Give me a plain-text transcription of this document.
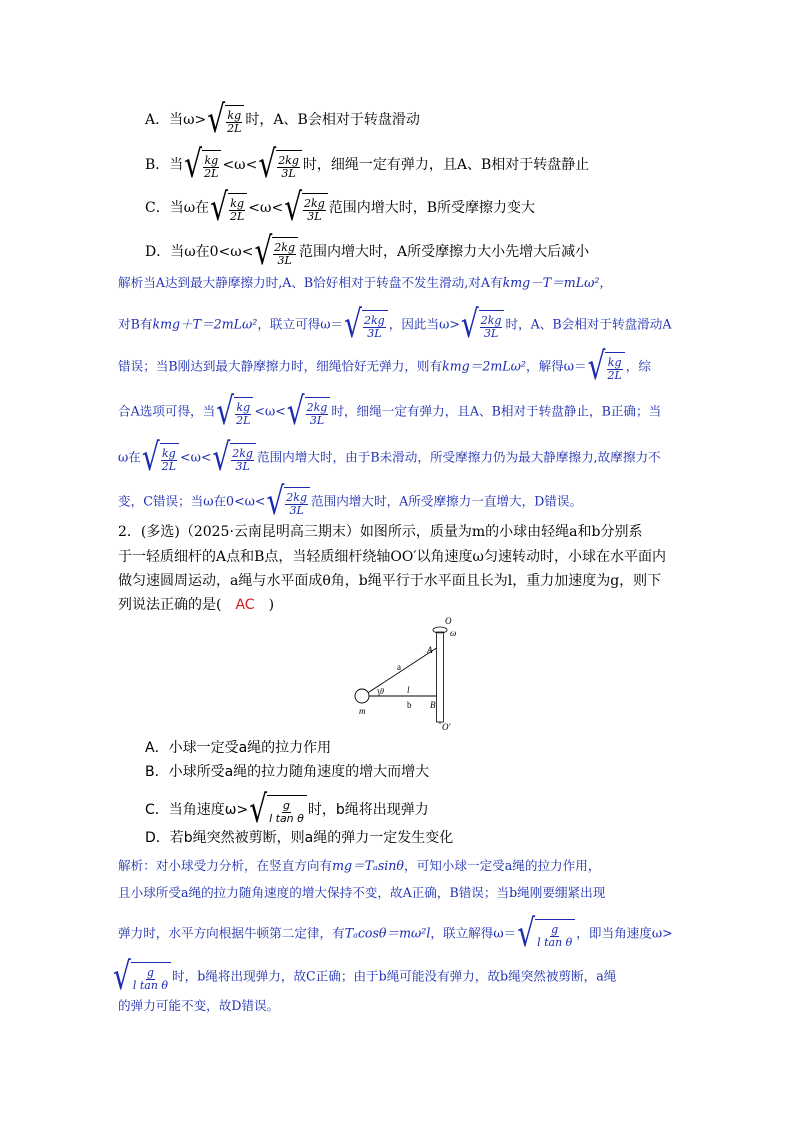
A．当$\omega>√ \frac{kg}{2L}$ 时，A、B会相对于转盘滑动
B．当√ $\frac{kg}{2L} <\omega<√ \frac{2kg}{3L}$ 时，细绳一定有弹力，且A、B相对于转盘静止
C．当ω在√ $\frac{kg}{2L} <\omega<√ \frac{2kg}{3L}$ 范围内增大时，B所受摩擦力变大
D．当ω在$0<\omega<√ \frac{2kg}{3L}$ 范围内增大时，A所受摩擦力大小先增大后减小
解析当A达到最大静摩擦力时,A、B恰好相对于转盘不发生滑动,对A有kmg－T＝mLω²，
对B有kmg＋T＝2mLω²，联立可得$\omega=√ \frac{2kg}{3L}$ ，因此当$\omega>√ \frac{2kg}{3L}$ 时，A、B会相对于转盘滑动A
错误；当B刚达到最大静摩擦力时，细绳恰好无弹力，则有kmg＝2mLω²，解得$\omega=√ \frac{kg}{2L}$ ，综
合A选项可得，当√ $\frac{kg}{2L} <\omega<√ \frac{2kg}{3L}$ 时，细绳一定有弹力，且A、B相对于转盘静止，B正确；当
ω在√ $\frac{kg}{2L} <\omega<√ \frac{2kg}{3L}$ 范围内增大时，由于B未滑动，所受摩擦力仍为最大静摩擦力,故摩擦力不
变，C错误；当ω在$0<\omega<√ \frac{2kg}{3L}$ 范围内增大时，A所受摩擦力一直增大，D错误。
2．(多选)（2025·云南昆明高三期末）如图所示，质量为m的小球由轻绳a和b分别系
于一轻质细杆的A点和B点，当轻质细杆绕轴OO′以角速度ω匀速转动时，小球在水平面内
做匀速圆周运动，a绳与水平面成θ角，b绳平行于水平面且长为l，重力加速度为g，则下
列说法正确的是( AC )
O
ω
A
a
θ	l
b B
m
O′
A．小球一定受a绳的拉力作用
B．小球所受a绳的拉力随角速度的增大而增大
C．当角速度$\omega>√ \frac{g}{\text{l tan θ}}$ 时，b绳将出现弹力
D．若b绳突然被剪断，则a绳的弹力一定发生变化
解析：对小球受力分析，在竖直方向有mg＝Tₐsinθ，可知小球一定受a绳的拉力作用，
且小球所受a绳的拉力随角速度的增大保持不变，故A正确，B错误；当b绳刚要绷紧出现
弹力时，水平方向根据牛顿第二定律，有Tₐcosθ＝mω²l，联立解得$\omega=√ \frac{g}{\text{l tan θ}}$ ，即当角速度ω>
√ $\frac{g}{\text{l tan θ}}$ 时，b绳将出现弹力，故C正确；由于b绳可能没有弹力，故b绳突然被剪断，a绳
的弹力可能不变，故D错误。
